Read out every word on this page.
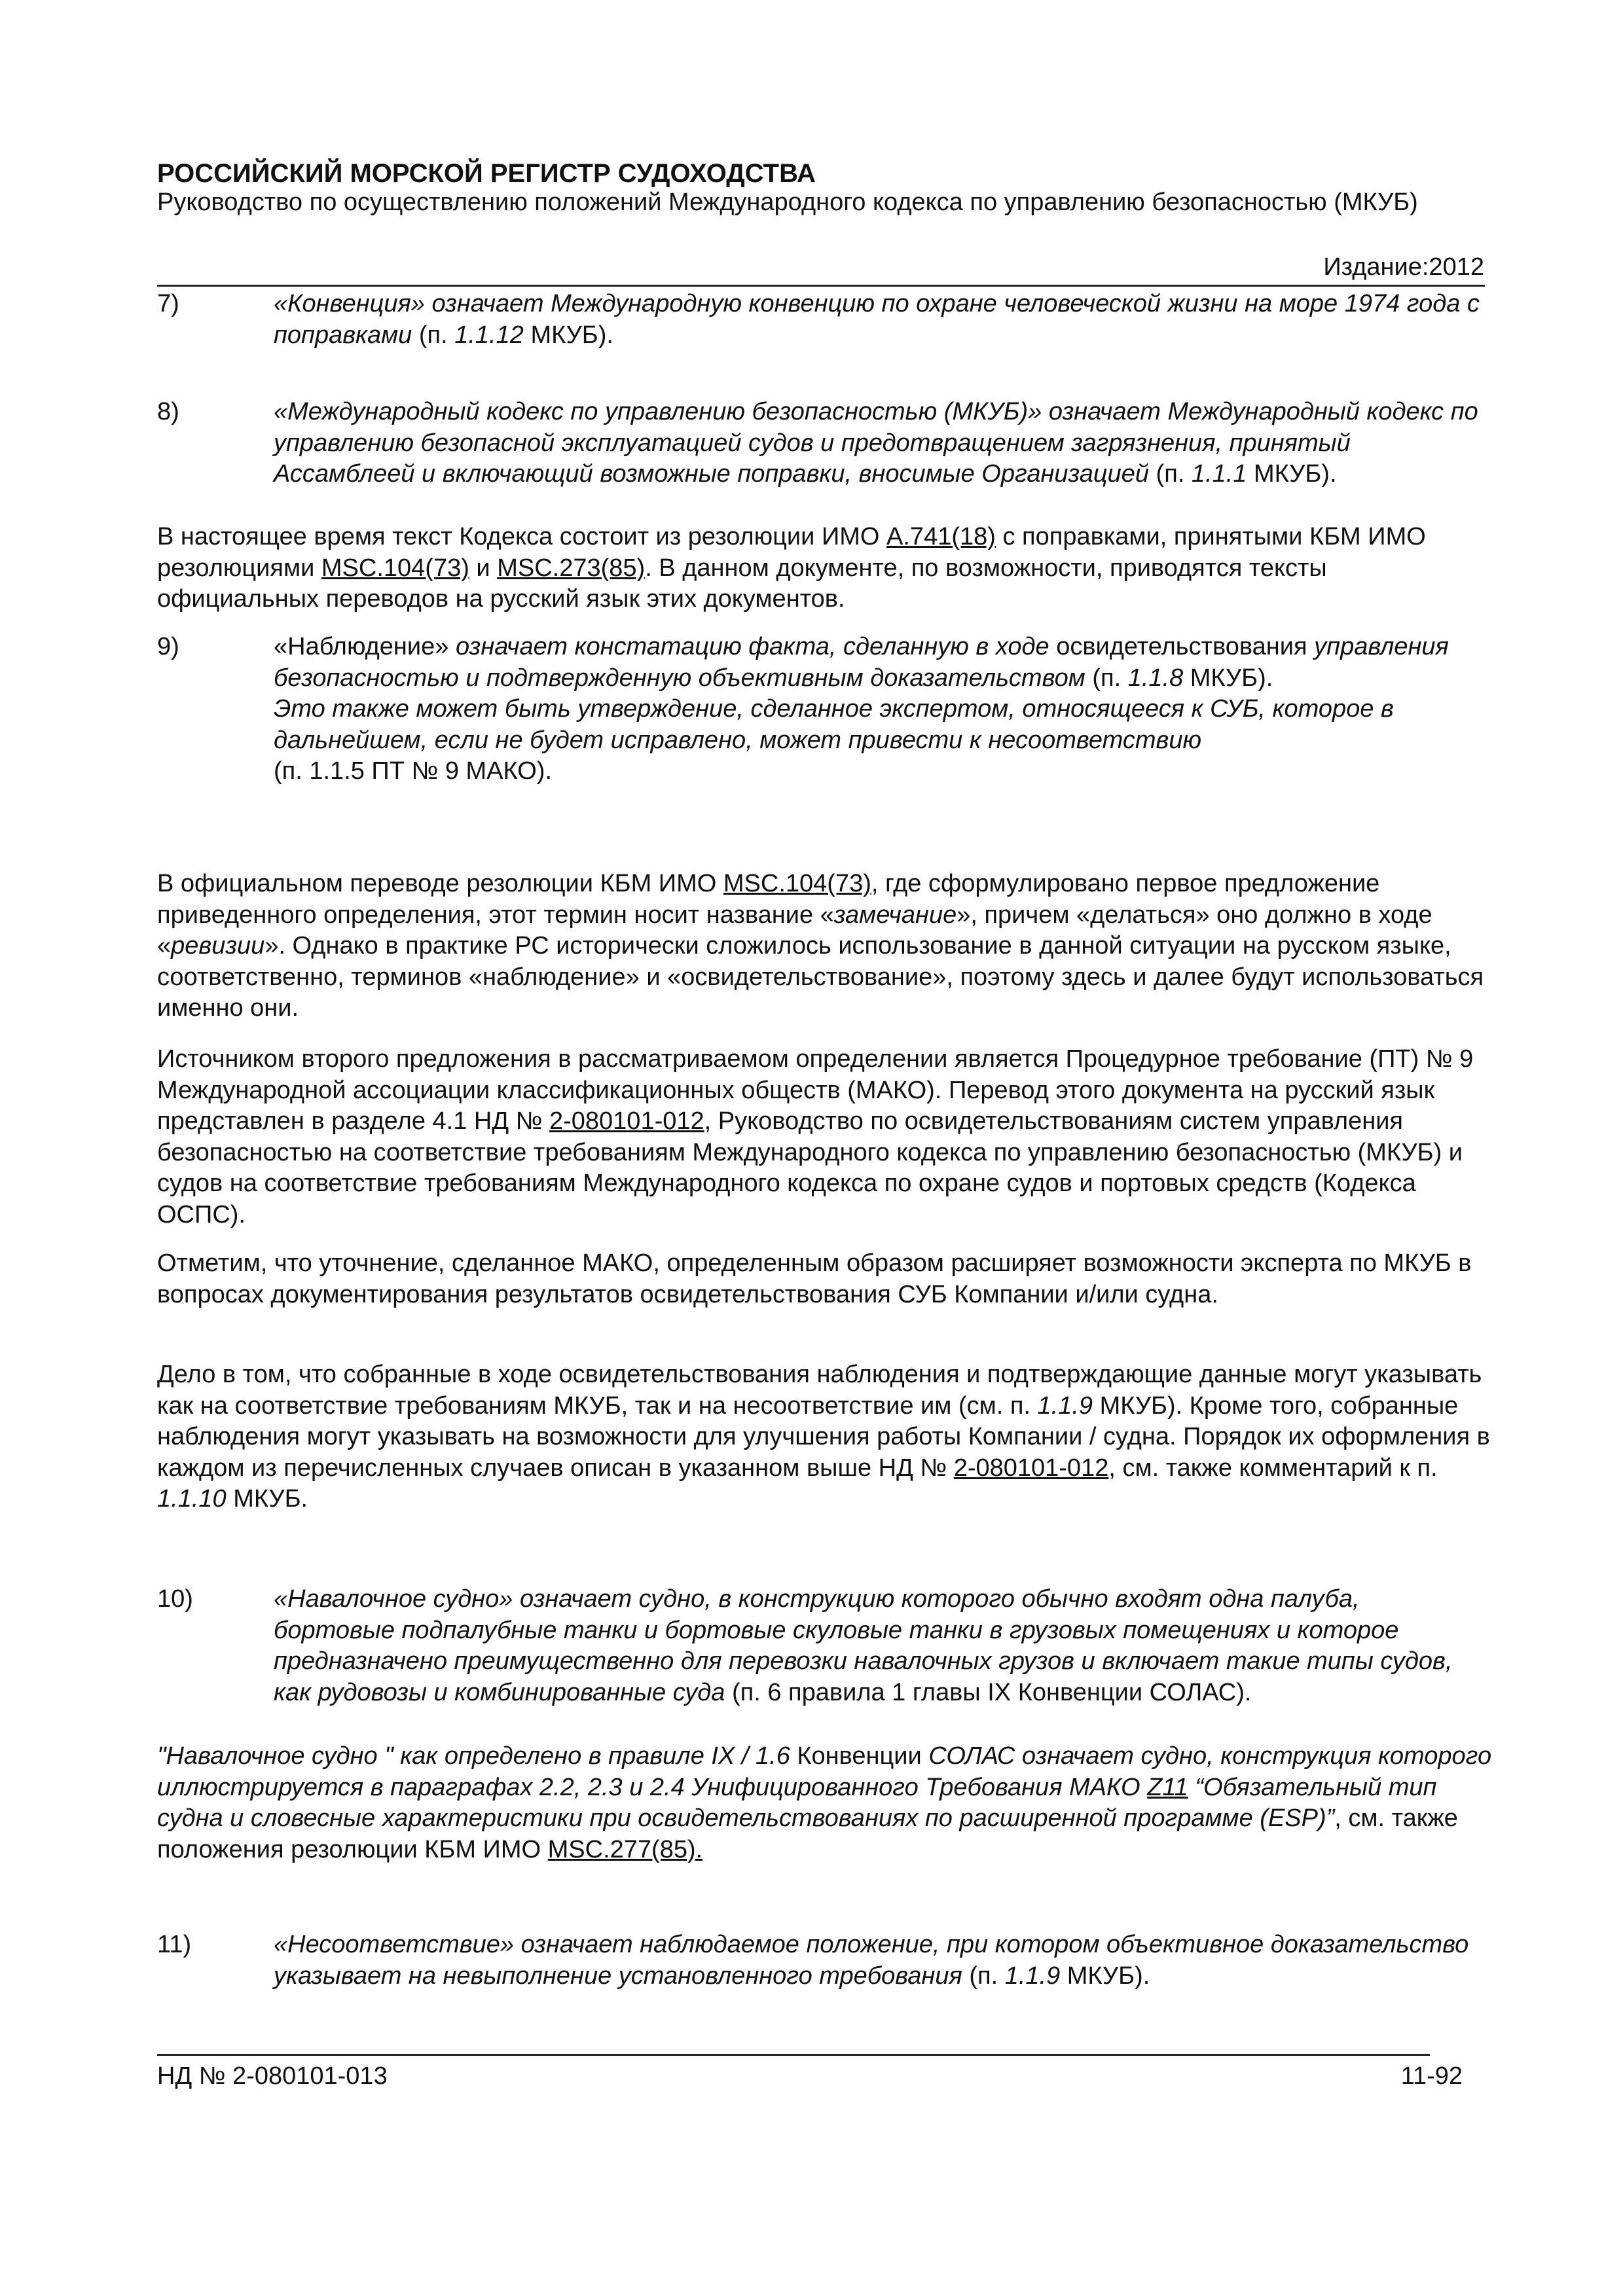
РОССИЙСКИЙ МОРСКОЙ РЕГИСТР СУДОХОДСТВА
Руководство по осуществлению положений Международного кодекса по управлению безопасностью (МКУБ)
Издание:2012
7)	«Конвенция» означает Международную конвенцию по охране человеческой жизни на море 1974 года с поправками (п. 1.1.12 МКУБ).
8)	«Международный кодекс по управлению безопасностью (МКУБ)» означает Международный кодекс по управлению безопасной эксплуатацией судов и предотвращением загрязнения, принятый Ассамблеей и включающий возможные поправки, вносимые Организацией (п. 1.1.1 МКУБ).
В настоящее время текст Кодекса состоит из резолюции ИМО А.741(18) с поправками, принятыми КБМ ИМО резолюциями MSC.104(73) и MSC.273(85). В данном документе, по возможности, приводятся тексты официальных переводов на русский язык этих документов.
9)	«Наблюдение» означает констатацию факта, сделанную в ходе освидетельствования управления безопасностью и подтвержденную объективным доказательством (п. 1.1.8 МКУБ).
Это также может быть утверждение, сделанное экспертом, относящееся к СУБ, которое в дальнейшем, если не будет исправлено, может привести к несоответствию
(п. 1.1.5 ПТ № 9 МАКО).
В официальном переводе резолюции КБМ ИМО MSC.104(73), где сформулировано первое предложение приведенного определения, этот термин носит название «замечание», причем «делаться» оно должно в ходе «ревизии». Однако в практике РС исторически сложилось использование в данной ситуации на русском языке, соответственно, терминов «наблюдение» и «освидетельствование», поэтому здесь и далее будут использоваться именно они.
Источником второго предложения в рассматриваемом определении является Процедурное требование (ПТ) № 9 Международной ассоциации классификационных обществ (МАКО). Перевод этого документа на русский язык представлен в разделе 4.1 НД № 2-080101-012, Руководство по освидетельствованиям систем управления безопасностью на соответствие требованиям Международного кодекса по управлению безопасностью (МКУБ) и судов на соответствие требованиям Международного кодекса по охране судов и портовых средств (Кодекса ОСПС).
Отметим, что уточнение, сделанное МАКО, определенным образом расширяет возможности эксперта по МКУБ в вопросах документирования результатов освидетельствования СУБ Компании и/или судна.
Дело в том, что собранные в ходе освидетельствования наблюдения и подтверждающие данные могут указывать как на соответствие требованиям МКУБ, так и на несоответствие им (см. п. 1.1.9 МКУБ). Кроме того, собранные наблюдения могут указывать на возможности для улучшения работы Компании / судна. Порядок их оформления в каждом из перечисленных случаев описан в указанном выше НД № 2-080101-012, см. также комментарий к п. 1.1.10 МКУБ.
10)	«Навалочное судно» означает судно, в конструкцию которого обычно входят одна палуба, бортовые подпалубные танки и бортовые скуловые танки в грузовых помещениях и которое предназначено преимущественно для перевозки навалочных грузов и включает такие типы судов, как рудовозы и комбинированные суда (п. 6 правила 1 главы IX Конвенции СОЛАС).
"Навалочное судно " как определено в правиле IX / 1.6 Конвенции СОЛАС означает судно, конструкция которого иллюстрируется в параграфах 2.2, 2.3 и 2.4 Унифицированного Требования МАКО Z11 “Обязательный тип судна и словесные характеристики при освидетельствованиях по расширенной программе (ESP)”, см. также положения резолюции КБМ ИМО MSC.277(85).
11)	«Несоответствие» означает наблюдаемое положение, при котором объективное доказательство указывает на невыполнение установленного требования (п. 1.1.9 МКУБ).
НД № 2-080101-013	11-92
